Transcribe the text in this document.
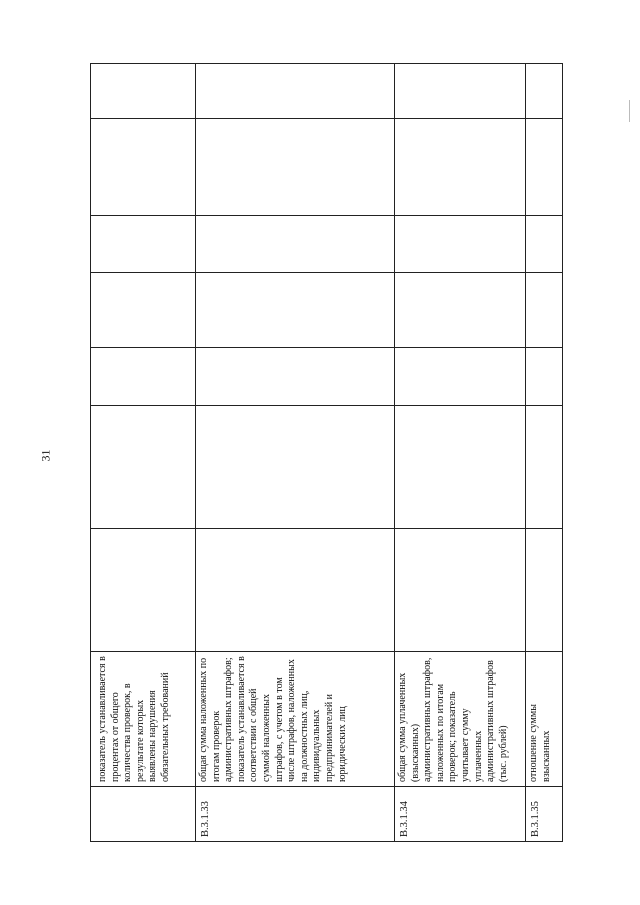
31
	показатель устанавливается в процентах от общего количества проверок, в результате которых выявлены нарушения обязательных требований							
В.3.1.33	общая сумма наложенных по итогам проверок административных штрафов; показатель устанавливается в соответствии с общей суммой наложенных штрафов, с учетом в том числе штрафов, наложенных на должностных лиц, индивидуальных предпринимателей и юридических лиц							
В.3.1.34	общая сумма уплаченных (взысканных) административных штрафов, наложенных по итогам проверок; показатель учитывает сумму уплаченных административных штрафов (тыс. рублей)							
В.3.1.35	отношение суммы взысканных							
